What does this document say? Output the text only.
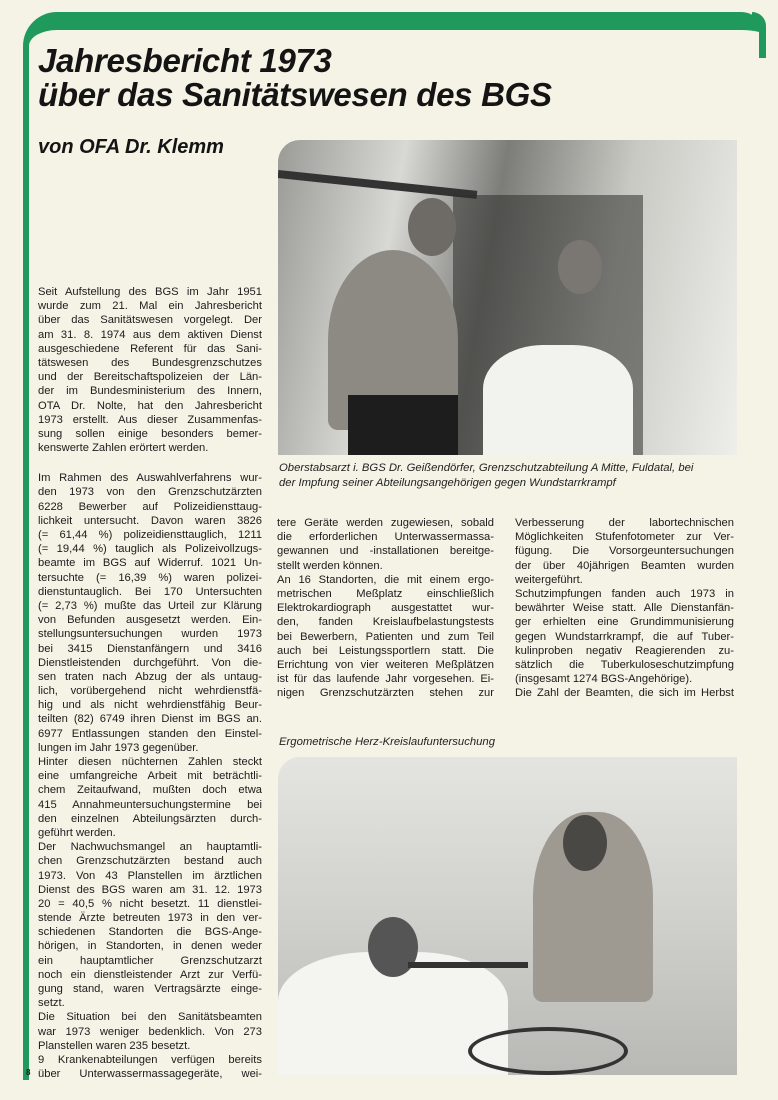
Jahresbericht 1973
über das Sanitätswesen des BGS
von OFA Dr. Klemm
Oberstabsarzt i. BGS Dr. Geißendörfer, Grenzschutzabteilung A Mitte, Fuldatal, bei
der Impfung seiner Abteilungsangehörigen gegen Wundstarrkrampf
Ergometrische Herz-Kreislaufuntersuchung
Seit Aufstellung des BGS im Jahr 1951
wurde zum 21. Mal ein Jahresbericht
über das Sanitätswesen vorgelegt. Der
am 31. 8. 1974 aus dem aktiven Dienst
ausgeschiedene Referent für das Sani-
tätswesen des Bundesgrenzschutzes
und der Bereitschaftspolizeien der Län-
der im Bundesministerium des Innern,
OTA Dr. Nolte, hat den Jahresbericht
1973 erstellt. Aus dieser Zusammenfas-
sung sollen einige besonders bemer-
kenswerte Zahlen erörtert werden.
Im Rahmen des Auswahlverfahrens wur-
den 1973 von den Grenzschutzärzten
6228 Bewerber auf Polizeidiensttaug-
lichkeit untersucht. Davon waren 3826
(= 61,44 %) polizeidiensttauglich, 1211
(= 19,44 %) tauglich als Polizeivollzugs-
beamte im BGS auf Widerruf. 1021 Un-
tersuchte (= 16,39 %) waren polizei-
dienstuntauglich. Bei 170 Untersuchten
(= 2,73 %) mußte das Urteil zur Klärung
von Befunden ausgesetzt werden. Ein-
stellungsuntersuchungen wurden 1973
bei 3415 Dienstanfängern und 3416
Dienstleistenden durchgeführt. Von die-
sen traten nach Abzug der als untaug-
lich, vorübergehend nicht wehrdienstfä-
hig und als nicht wehrdienstfähig Beur-
teilten (82) 6749 ihren Dienst im BGS an.
6977 Entlassungen standen den Einstel-
lungen im Jahr 1973 gegenüber.
Hinter diesen nüchternen Zahlen steckt
eine umfangreiche Arbeit mit beträchtli-
chem Zeitaufwand, mußten doch etwa
415 Annahmeuntersuchungstermine bei
den einzelnen Abteilungsärzten durch-
geführt werden.
Der Nachwuchsmangel an hauptamtli-
chen Grenzschutzärzten bestand auch
1973. Von 43 Planstellen im ärztlichen
Dienst des BGS waren am 31. 12. 1973
20 = 40,5 % nicht besetzt. 11 dienstlei-
stende Ärzte betreuten 1973 in den ver-
schiedenen Standorten die BGS-Ange-
hörigen, in Standorten, in denen weder
ein hauptamtlicher Grenzschutzarzt
noch ein dienstleistender Arzt zur Verfü-
gung stand, waren Vertragsärzte einge-
setzt.
Die Situation bei den Sanitätsbeamten
war 1973 weniger bedenklich. Von 273
Planstellen waren 235 besetzt.
9 Krankenabteilungen verfügen bereits
über Unterwassermassagegeräte, wei-
tere Geräte werden zugewiesen, sobald
die erforderlichen Unterwassermassa-
gewannen und -installationen bereitge-
stellt werden können.
An 16 Standorten, die mit einem ergo-
metrischen Meßplatz einschließlich
Elektrokardiograph ausgestattet wur-
den, fanden Kreislaufbelastungstests
bei Bewerbern, Patienten und zum Teil
auch bei Leistungssportlern statt. Die
Errichtung von vier weiteren Meßplätzen
ist für das laufende Jahr vorgesehen. Ei-
nigen Grenzschutzärzten stehen zur
Verbesserung der labortechnischen
Möglichkeiten Stufenfotometer zur Ver-
fügung. Die Vorsorgeuntersuchungen
der über 40jährigen Beamten wurden
weitergeführt.
Schutzimpfungen fanden auch 1973 in
bewährter Weise statt. Alle Dienstanfän-
ger erhielten eine Grundimmunisierung
gegen Wundstarrkrampf, die auf Tuber-
kulinproben negativ Reagierenden zu-
sätzlich die Tuberkuloseschutzimpfung
(insgesamt 1274 BGS-Angehörige).
Die Zahl der Beamten, die sich im Herbst
8
